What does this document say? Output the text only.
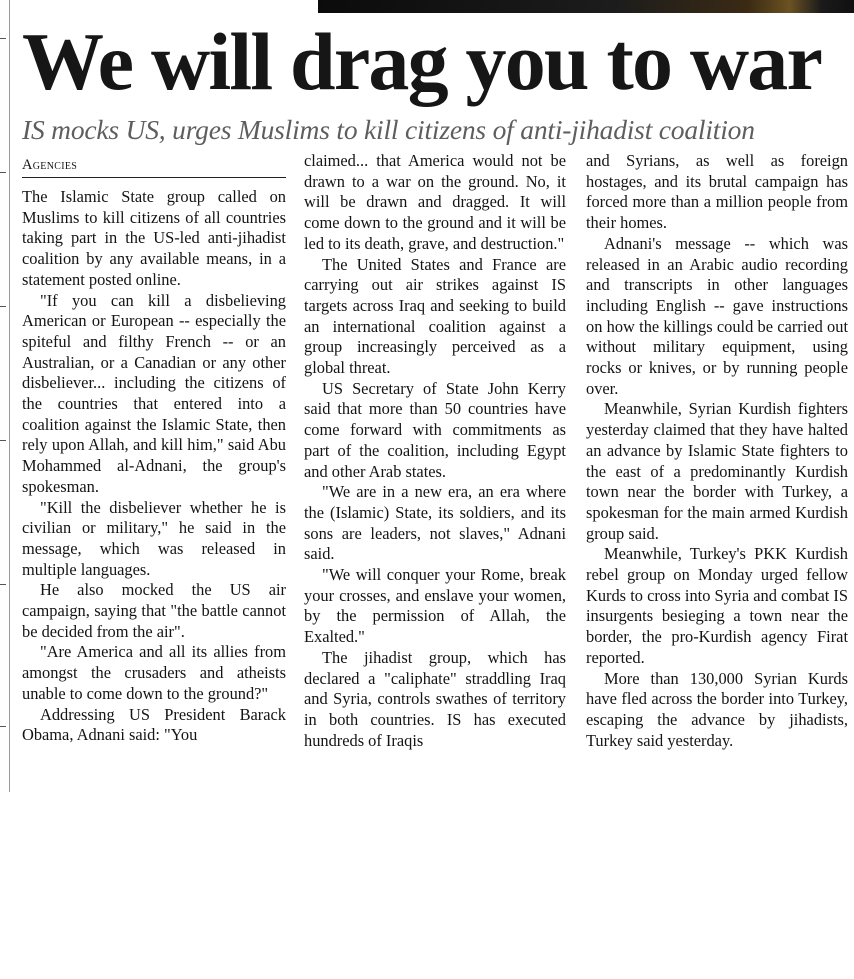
We will drag you to war
IS mocks US, urges Muslims to kill citizens of anti-jihadist coalition
Agencies

The Islamic State group called on Muslims to kill citizens of all countries taking part in the US-led anti-jihadist coalition by any available means, in a statement posted online.

"If you can kill a disbelieving American or European -- especially the spiteful and filthy French -- or an Australian, or a Canadian or any other disbeliever... including the citizens of the countries that entered into a coalition against the Islamic State, then rely upon Allah, and kill him," said Abu Mohammed al-Adnani, the group's spokesman.

"Kill the disbeliever whether he is civilian or military," he said in the message, which was released in multiple languages.

He also mocked the US air campaign, saying that "the battle cannot be decided from the air".

"Are America and all its allies from amongst the crusaders and atheists unable to come down to the ground?"

Addressing US President Barack Obama, Adnani said: "You

claimed... that America would not be drawn to a war on the ground. No, it will be drawn and dragged. It will come down to the ground and it will be led to its death, grave, and destruction."

The United States and France are carrying out air strikes against IS targets across Iraq and seeking to build an international coalition against a group increasingly perceived as a global threat.

US Secretary of State John Kerry said that more than 50 countries have come forward with commitments as part of the coalition, including Egypt and other Arab states.

"We are in a new era, an era where the (Islamic) State, its soldiers, and its sons are leaders, not slaves," Adnani said.

"We will conquer your Rome, break your crosses, and enslave your women, by the permission of Allah, the Exalted."

The jihadist group, which has declared a "caliphate" straddling Iraq and Syria, controls swathes of territory in both countries. IS has executed hundreds of Iraqis

and Syrians, as well as foreign hostages, and its brutal campaign has forced more than a million people from their homes.

Adnani's message -- which was released in an Arabic audio recording and transcripts in other languages including English -- gave instructions on how the killings could be carried out without military equipment, using rocks or knives, or by running people over.

Meanwhile, Syrian Kurdish fighters yesterday claimed that they have halted an advance by Islamic State fighters to the east of a predominantly Kurdish town near the border with Turkey, a spokesman for the main armed Kurdish group said.

Meanwhile, Turkey's PKK Kurdish rebel group on Monday urged fellow Kurds to cross into Syria and combat IS insurgents besieging a town near the border, the pro-Kurdish agency Firat reported.

More than 130,000 Syrian Kurds have fled across the border into Turkey, escaping the advance by jihadists, Turkey said yesterday.
